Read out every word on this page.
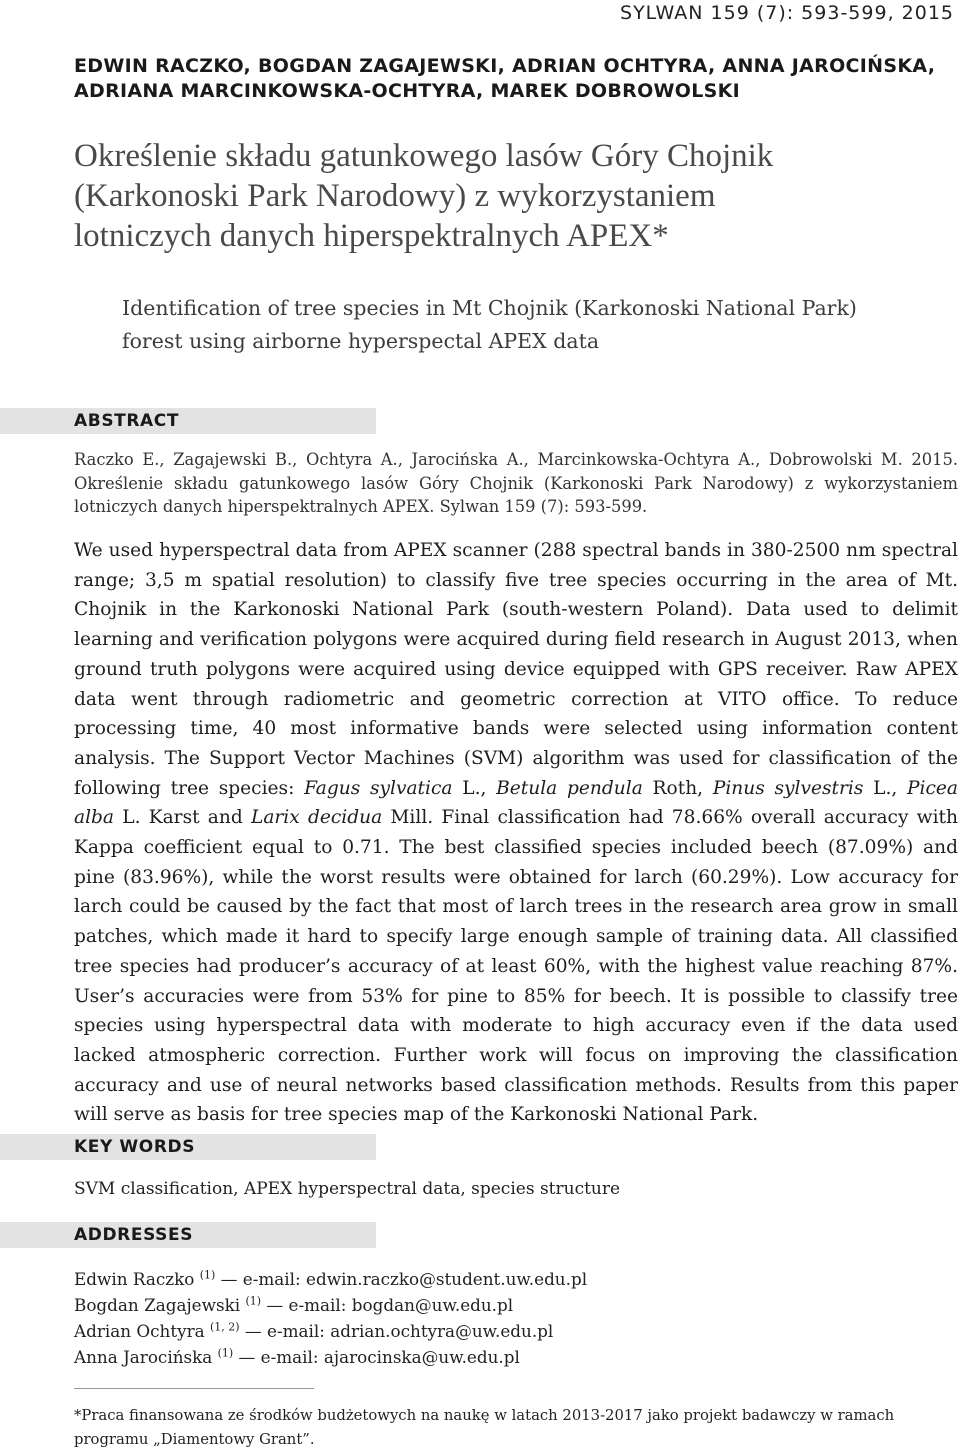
SYLWAN 159 (7): 593-599, 2015
EDWIN RACZKO, BOGDAN ZAGAJEWSKI, ADRIAN OCHTYRA, ANNA JAROCIŃSKA,
ADRIANA MARCINKOWSKA-OCHTYRA, MAREK DOBROWOLSKI
Określenie składu gatunkowego lasów Góry Chojnik
(Karkonoski Park Narodowy) z wykorzystaniem
lotniczych danych hiperspektralnych APEX*
Identification of tree species in Mt Chojnik (Karkonoski National Park)
forest using airborne hyperspectal APEX data
ABSTRACT
Raczko E., Zagajewski B., Ochtyra A., Jarocińska A., Marcinkowska-Ochtyra A., Dobrowolski M. 2015. Określenie składu gatunkowego lasów Góry Chojnik (Karkonoski Park Narodowy) z wykorzystaniem lotniczych danych hiperspektralnych APEX. Sylwan 159 (7): 593-599.
We used hyperspectral data from APEX scanner (288 spectral bands in 380-2500 nm spectral range; 3,5 m spatial resolution) to classify five tree species occurring in the area of Mt. Chojnik in the Karkonoski National Park (south-western Poland). Data used to delimit learning and verification polygons were acquired during field research in August 2013, when ground truth polygons were acquired using device equipped with GPS receiver. Raw APEX data went through radiometric and geometric correction at VITO office. To reduce processing time, 40 most informative bands were selected using information content analysis. The Support Vector Machines (SVM) algorithm was used for classification of the following tree species: Fagus sylvatica L., Betula pendula Roth, Pinus sylvestris L., Picea alba L. Karst and Larix decidua Mill. Final classification had 78.66% overall accuracy with Kappa coefficient equal to 0.71. The best classified species included beech (87.09%) and pine (83.96%), while the worst results were obtained for larch (60.29%). Low accuracy for larch could be caused by the fact that most of larch trees in the research area grow in small patches, which made it hard to specify large enough sample of training data. All classified tree species had producer’s accuracy of at least 60%, with the highest value reaching 87%. User’s accuracies were from 53% for pine to 85% for beech. It is possible to classify tree species using hyperspectral data with moderate to high accuracy even if the data used lacked atmospheric correction. Further work will focus on improving the classification accuracy and use of neural networks based classification methods. Results from this paper will serve as basis for tree species map of the Karkonoski National Park.
KEY WORDS
SVM classification, APEX hyperspectral data, species structure
ADDRESSES
Edwin Raczko $^{(1)}$ — e-mail: edwin.raczko@student.uw.edu.pl
Bogdan Zagajewski $^{(1)}$ — e-mail: bogdan@uw.edu.pl
Adrian Ochtyra $^{(1, 2)}$ — e-mail: adrian.ochtyra@uw.edu.pl
Anna Jarocińska $^{(1)}$ — e-mail: ajarocinska@uw.edu.pl
*Praca finansowana ze środków budżetowych na naukę w latach 2013-2017 jako projekt badawczy w ramach programu „Diamentowy Grant”.
